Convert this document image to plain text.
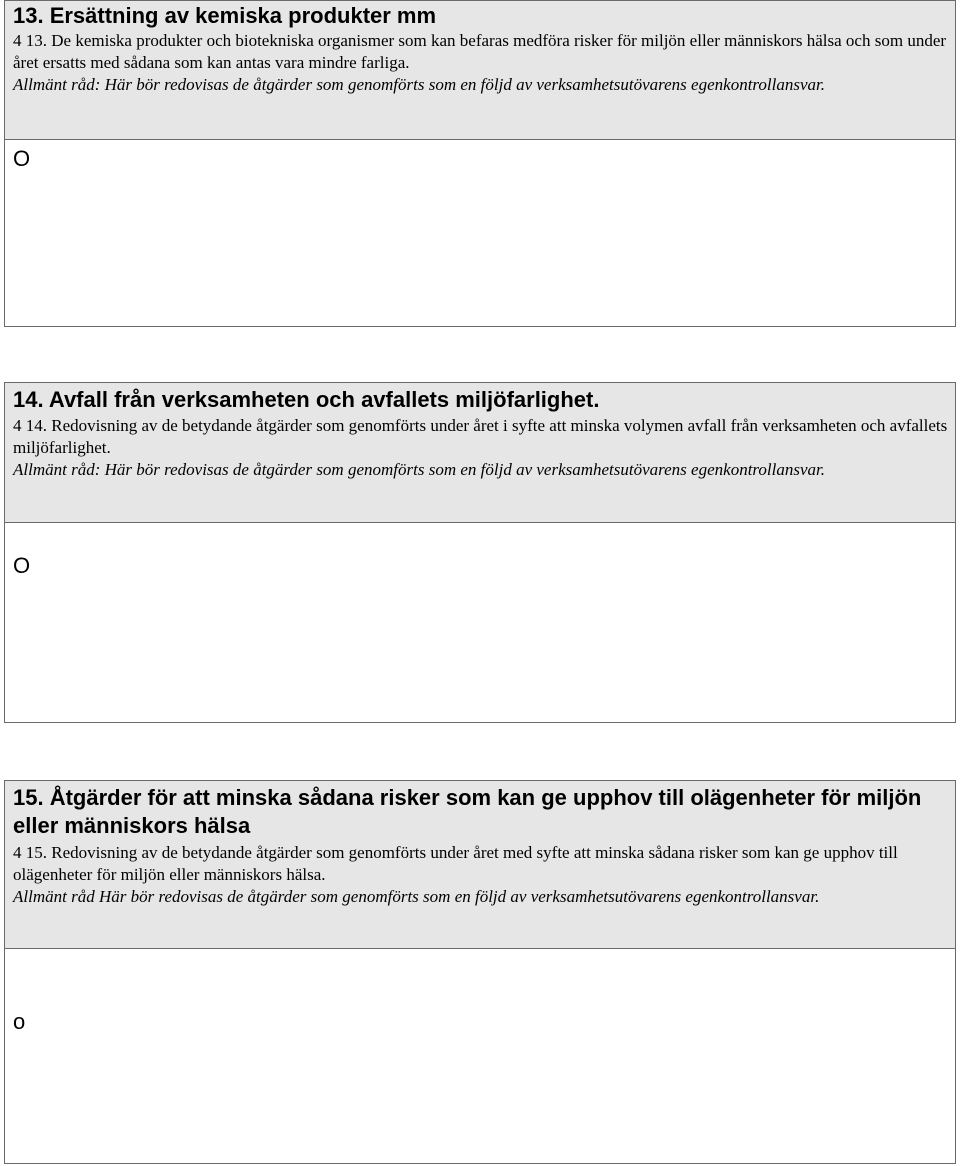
13. Ersättning av kemiska produkter mm

4 13. De kemiska produkter och biotekniska organismer som kan befaras medföra risker för miljön eller människors hälsa och som under året ersatts med sådana som kan antas vara mindre farliga.

Allmänt råd: Här bör redovisas de åtgärder som genomförts som en följd av verksamhetsutövarens egenkontrollansvar.

O

14. Avfall från verksamheten och avfallets miljöfarlighet.

4 14. Redovisning av de betydande åtgärder som genomförts under året i syfte att minska volymen avfall från verksamheten och avfallets miljöfarlighet.

Allmänt råd: Här bör redovisas de åtgärder som genomförts som en följd av verksamhetsutövarens egenkontrollansvar.

O

15. Åtgärder för att minska sådana risker som kan ge upphov till olägenheter för miljön eller människors hälsa

4 15. Redovisning av de betydande åtgärder som genomförts under året med syfte att minska sådana risker som kan ge upphov till olägenheter för miljön eller människors hälsa.

Allmänt råd Här bör redovisas de åtgärder som genomförts som en följd av verksamhetsutövarens egenkontrollansvar.

o
